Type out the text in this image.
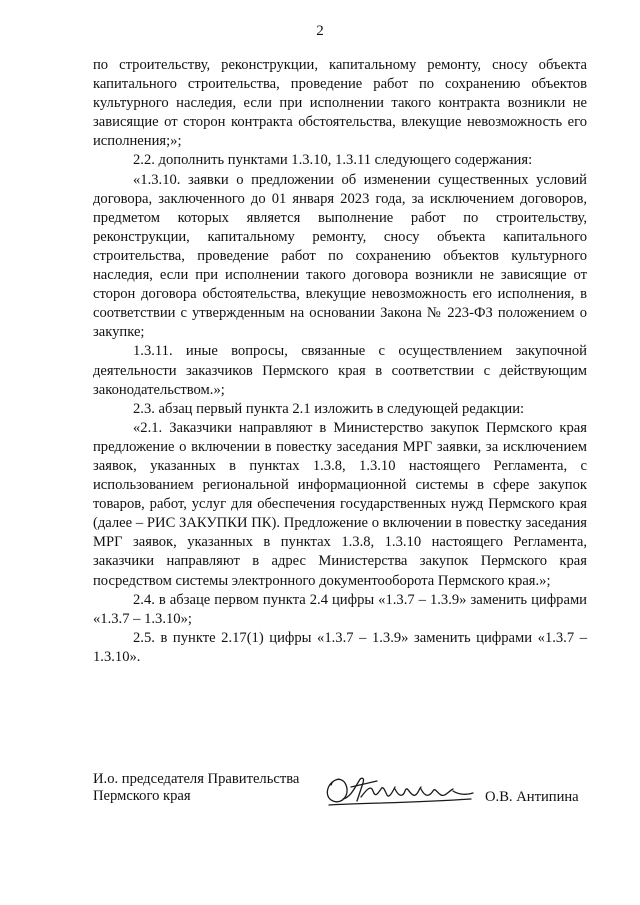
2

по строительству, реконструкции, капитальному ремонту, сносу объекта капитального строительства, проведение работ по сохранению объектов культурного наследия, если при исполнении такого контракта возникли не зависящие от сторон контракта обстоятельства, влекущие невозможность его исполнения;»;

2.2. дополнить пунктами 1.3.10, 1.3.11 следующего содержания:

«1.3.10. заявки о предложении об изменении существенных условий договора, заключенного до 01 января 2023 года, за исключением договоров, предметом которых является выполнение работ по строительству, реконструкции, капитальному ремонту, сносу объекта капитального строительства, проведение работ по сохранению объектов культурного наследия, если при исполнении такого договора возникли не зависящие от сторон договора обстоятельства, влекущие невозможность его исполнения, в соответствии с утвержденным на основании Закона № 223-ФЗ положением о закупке;

1.3.11. иные вопросы, связанные с осуществлением закупочной деятельности заказчиков Пермского края в соответствии с действующим законодательством.»;

2.3. абзац первый пункта 2.1 изложить в следующей редакции:

«2.1. Заказчики направляют в Министерство закупок Пермского края предложение о включении в повестку заседания МРГ заявки, за исключением заявок, указанных в пунктах 1.3.8, 1.3.10 настоящего Регламента, с использованием региональной информационной системы в сфере закупок товаров, работ, услуг для обеспечения государственных нужд Пермского края (далее – РИС ЗАКУПКИ ПК). Предложение о включении в повестку заседания МРГ заявок, указанных в пунктах 1.3.8, 1.3.10 настоящего Регламента, заказчики направляют в адрес Министерства закупок Пермского края посредством системы электронного документооборота Пермского края.»;

2.4. в абзаце первом пункта 2.4 цифры «1.3.7 – 1.3.9» заменить цифрами «1.3.7 – 1.3.10»;

2.5. в пункте 2.17(1) цифры «1.3.7 – 1.3.9» заменить цифрами «1.3.7 – 1.3.10».

И.о. председателя Правительства
Пермского края	О.В. Антипина
